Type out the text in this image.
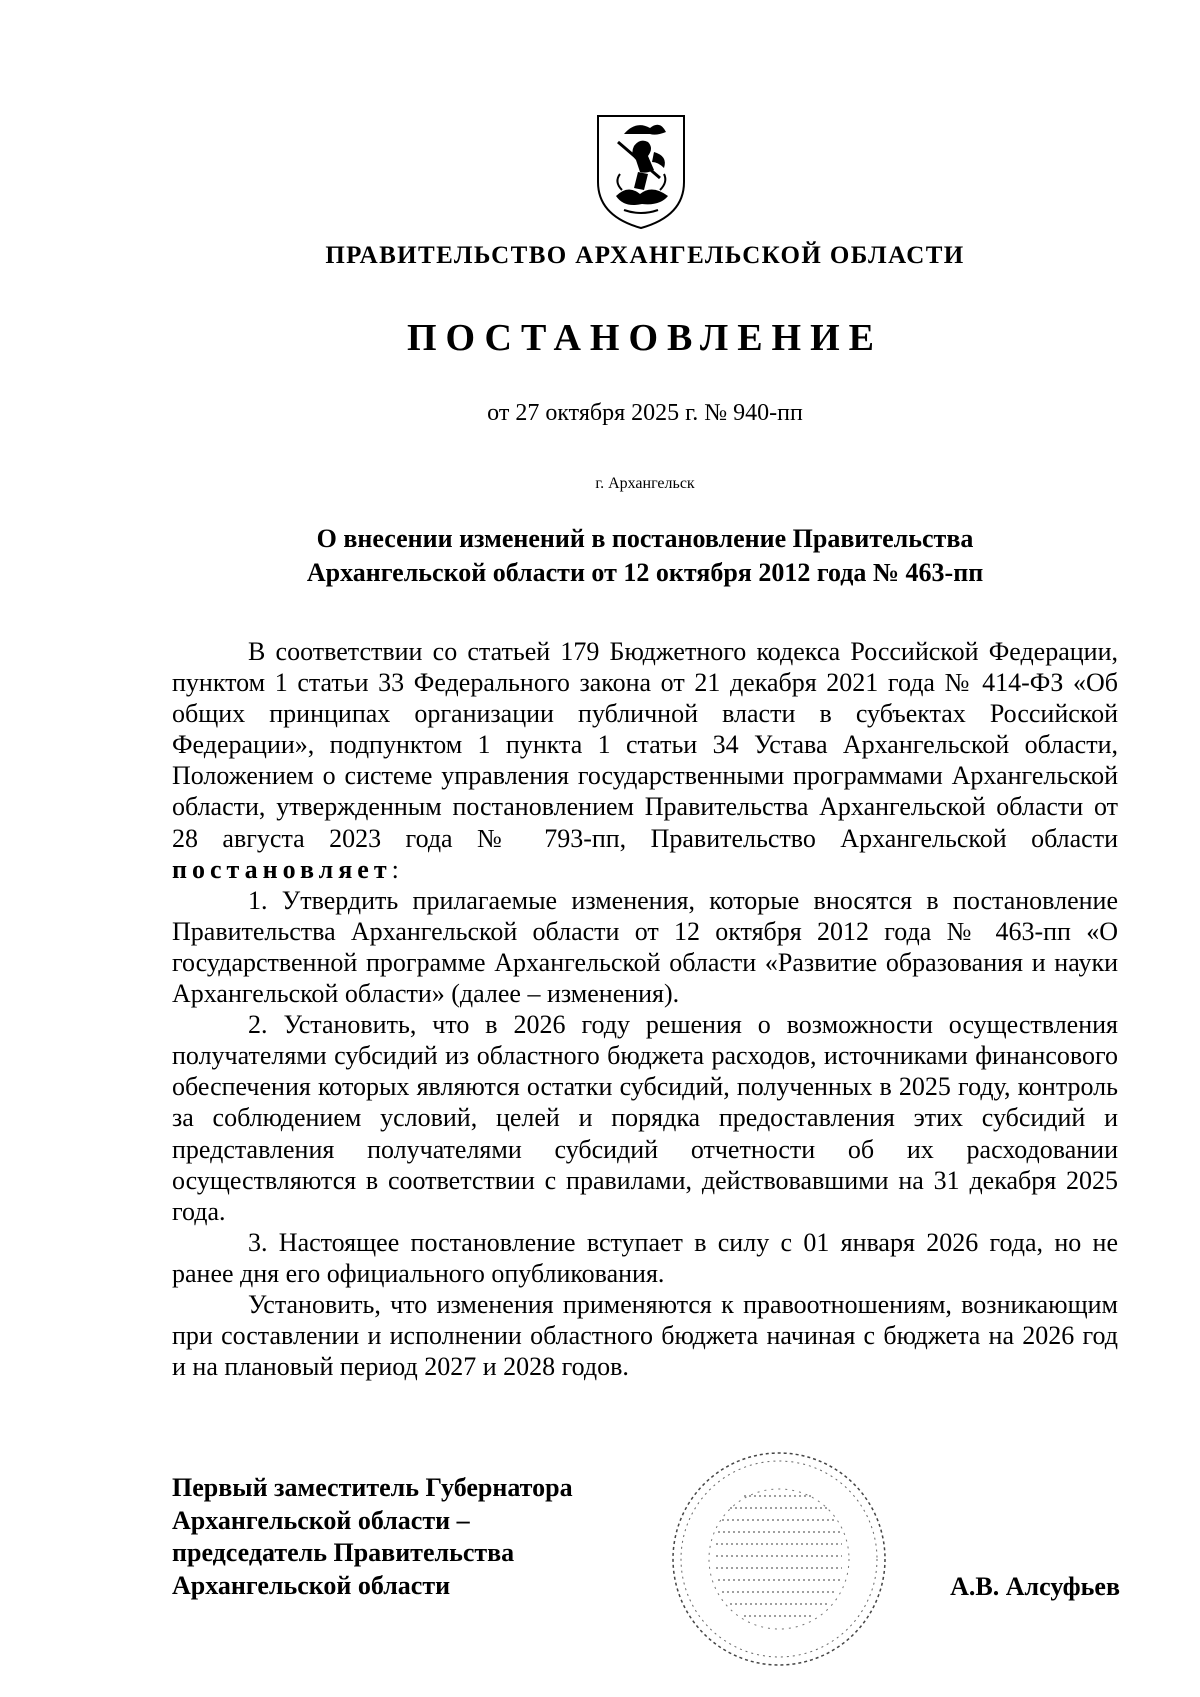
ПРАВИТЕЛЬСТВО АРХАНГЕЛЬСКОЙ ОБЛАСТИ
ПОСТАНОВЛЕНИЕ
от 27 октября 2025 г. № 940-пп
г. Архангельск
О внесении изменений в постановление Правительства
Архангельской области от 12 октября 2012 года № 463-пп

В соответствии со статьей 179 Бюджетного кодекса Российской Федерации, пунктом 1 статьи 33 Федерального закона от 21 декабря 2021 года № 414-ФЗ «Об общих принципах организации публичной власти в субъектах Российской Федерации», подпунктом 1 пункта 1 статьи 34 Устава Архангельской области, Положением о системе управления государственными программами Архангельской области, утвержденным постановлением Правительства Архангельской области от 28 августа 2023 года № 793-пп, Правительство Архангельской области постановляет:

1. Утвердить прилагаемые изменения, которые вносятся в постановление Правительства Архангельской области от 12 октября 2012 года № 463-пп «О государственной программе Архангельской области «Развитие образования и науки Архангельской области» (далее – изменения).

2. Установить, что в 2026 году решения о возможности осуществления получателями субсидий из областного бюджета расходов, источниками финансового обеспечения которых являются остатки субсидий, полученных в 2025 году, контроль за соблюдением условий, целей и порядка предоставления этих субсидий и представления получателями субсидий отчетности об их расходовании осуществляются в соответствии с правилами, действовавшими на 31 декабря 2025 года.

3. Настоящее постановление вступает в силу с 01 января 2026 года, но не ранее дня его официального опубликования.

Установить, что изменения применяются к правоотношениям, возникающим при составлении и исполнении областного бюджета начиная с бюджета на 2026 год и на плановый период 2027 и 2028 годов.

Первый заместитель Губернатора
Архангельской области –
председатель Правительства
Архангельской области	А.В. Алсуфьев
